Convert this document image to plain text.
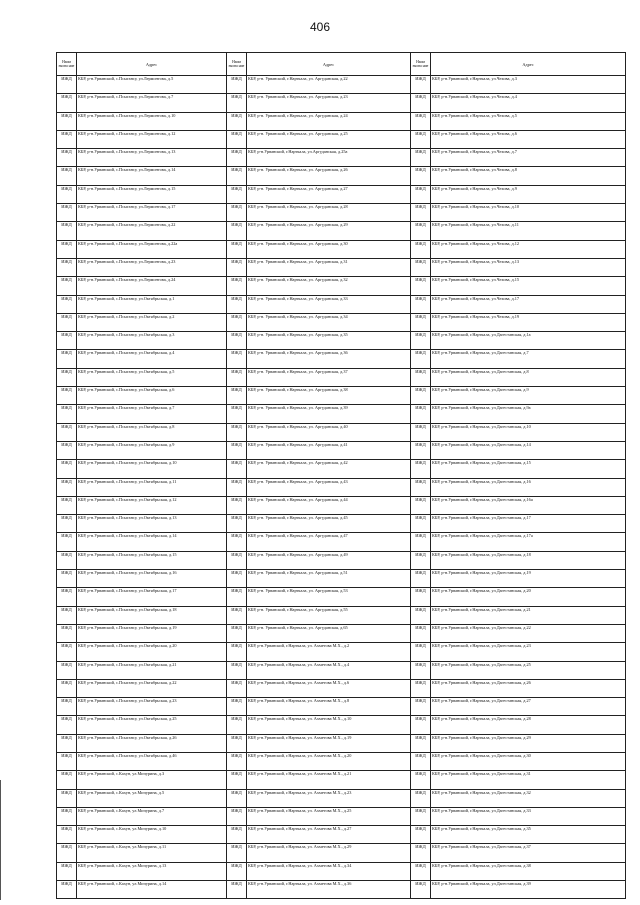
406
Наим енова ние	Адрес	Наим енова ние	Адрес	Наим енова ние	Адрес
ИЖД	КБР, р-н.Урванский, с.Псыгансу, ул.Лермонтова, д.5	ИЖД	КБР, р-н. Урванский, г.Нарткала, ул. Аргуданская, д.22	ИЖД	КБР, р-н.Урванский, г.Нарткала, ул.Чехова, д.3
ИЖД	КБР, р-н.Урванский, с.Псыгансу, ул.Лермонтова, д.7	ИЖД	КБР, р-н. Урванский, г.Нарткала, ул. Аргуданская, д.23	ИЖД	КБР, р-н.Урванский, г.Нарткала, ул.Чехова, д.4
ИЖД	КБР, р-н.Урванский, с.Псыгансу, ул.Лермонтова, д.10	ИЖД	КБР, р-н. Урванский, г.Нарткала, ул. Аргуданская, д.24	ИЖД	КБР, р-н.Урванский, г.Нарткала, ул.Чехова, д.5
ИЖД	КБР, р-н.Урванский, с.Псыгансу, ул.Лермонтова, д.12	ИЖД	КБР, р-н. Урванский, г.Нарткала, ул. Аргуданская, д.25	ИЖД	КБР, р-н.Урванский, г.Нарткала, ул.Чехова, д.6
ИЖД	КБР, р-н.Урванский, с.Псыгансу, ул.Лермонтова, д.13	ИЖД	КБР, р-н.Урванский, г.Нарткала, ул.Аргуданская, д.25а	ИЖД	КБР, р-н.Урванский, г.Нарткала, ул.Чехова, д.7
ИЖД	КБР, р-н.Урванский, с.Псыгансу, ул.Лермонтова, д.14	ИЖД	КБР, р-н. Урванский, г.Нарткала, ул. Аргуданская, д.26	ИЖД	КБР, р-н.Урванский, г.Нарткала, ул.Чехова, д.8
ИЖД	КБР, р-н.Урванский, с.Псыгансу, ул.Лермонтова, д.15	ИЖД	КБР, р-н. Урванский, г.Нарткала, ул. Аргуданская, д.27	ИЖД	КБР, р-н.Урванский, г.Нарткала, ул.Чехова, д.9
ИЖД	КБР, р-н.Урванский, с.Псыгансу, ул.Лермонтова, д.17	ИЖД	КБР, р-н. Урванский, г.Нарткала, ул. Аргуданская, д.28	ИЖД	КБР, р-н.Урванский, г.Нарткала, ул.Чехова, д.10
ИЖД	КБР, р-н.Урванский, с.Псыгансу, ул.Лермонтова, д.22	ИЖД	КБР, р-н. Урванский, г.Нарткала, ул. Аргуданская, д.29	ИЖД	КБР, р-н.Урванский, г.Нарткала, ул.Чехова, д.11
ИЖД	КБР, р-н.Урванский, с.Псыгансу, ул.Лермонтова, д.22а	ИЖД	КБР, р-н. Урванский, г.Нарткала, ул. Аргуданская, д.30	ИЖД	КБР, р-н.Урванский, г.Нарткала, ул.Чехова, д.12
ИЖД	КБР, р-н.Урванский, с.Псыгансу, ул.Лермонтова, д.23	ИЖД	КБР, р-н. Урванский, г.Нарткала, ул. Аргуданская, д.31	ИЖД	КБР, р-н.Урванский, г.Нарткала, ул.Чехова, д.13
ИЖД	КБР, р-н.Урванский, с.Псыгансу, ул.Лермонтова, д.24	ИЖД	КБР, р-н. Урванский, г.Нарткала, ул. Аргуданская, д.32	ИЖД	КБР, р-н.Урванский, г.Нарткала, ул.Чехова, д.15
ИЖД	КБР, р-н.Урванский, с.Псыгансу, ул.Октябрьская, д.1	ИЖД	КБР, р-н. Урванский, г.Нарткала, ул. Аргуданская, д.33	ИЖД	КБР, р-н.Урванский, г.Нарткала, ул.Чехова, д.17
ИЖД	КБР, р-н.Урванский, с.Псыгансу, ул.Октябрьская, д.2	ИЖД	КБР, р-н. Урванский, г.Нарткала, ул. Аргуданская, д.34	ИЖД	КБР, р-н.Урванский, г.Нарткала, ул.Чехова, д.19
ИЖД	КБР, р-н.Урванский, с.Псыгансу, ул.Октябрьская, д.3	ИЖД	КБР, р-н. Урванский, г.Нарткала, ул. Аргуданская, д.35	ИЖД	КБР, р-н.Урванский, г.Нарткала, ул.Дагестанская, д.1а
ИЖД	КБР, р-н.Урванский, с.Псыгансу, ул.Октябрьская, д.4	ИЖД	КБР, р-н. Урванский, г.Нарткала, ул. Аргуданская, д.36	ИЖД	КБР, р-н.Урванский, г.Нарткала, ул.Дагестанская, д.7
ИЖД	КБР, р-н.Урванский, с.Псыгансу, ул.Октябрьская, д.5	ИЖД	КБР, р-н. Урванский, г.Нарткала, ул. Аргуданская, д.37	ИЖД	КБР, р-н.Урванский, г.Нарткала, ул.Дагестанская, д.8
ИЖД	КБР, р-н.Урванский, с.Псыгансу, ул.Октябрьская, д.6	ИЖД	КБР, р-н. Урванский, г.Нарткала, ул. Аргуданская, д.38	ИЖД	КБР, р-н.Урванский, г.Нарткала, ул.Дагестанская, д.9
ИЖД	КБР, р-н.Урванский, с.Псыгансу, ул.Октябрьская, д.7	ИЖД	КБР, р-н. Урванский, г.Нарткала, ул. Аргуданская, д.39	ИЖД	КБР, р-н.Урванский, г.Нарткала, ул.Дагестанская, д.9а
ИЖД	КБР, р-н.Урванский, с.Псыгансу, ул.Октябрьская, д.8	ИЖД	КБР, р-н. Урванский, г.Нарткала, ул. Аргуданская, д.40	ИЖД	КБР, р-н.Урванский, г.Нарткала, ул.Дагестанская, д.10
ИЖД	КБР, р-н.Урванский, с.Псыгансу, ул.Октябрьская, д.9	ИЖД	КБР, р-н. Урванский, г.Нарткала, ул. Аргуданская, д.41	ИЖД	КБР, р-н.Урванский, г.Нарткала, ул.Дагестанская, д.14
ИЖД	КБР, р-н.Урванский, с.Псыгансу, ул.Октябрьская, д.10	ИЖД	КБР, р-н. Урванский, г.Нарткала, ул. Аргуданская, д.42	ИЖД	КБР, р-н.Урванский, г.Нарткала, ул.Дагестанская, д.15
ИЖД	КБР, р-н.Урванский, с.Псыгансу, ул.Октябрьская, д.11	ИЖД	КБР, р-н. Урванский, г.Нарткала, ул. Аргуданская, д.43	ИЖД	КБР, р-н.Урванский, г.Нарткала, ул.Дагестанская, д.16
ИЖД	КБР, р-н.Урванский, с.Псыгансу, ул.Октябрьская, д.12	ИЖД	КБР, р-н. Урванский, г.Нарткала, ул. Аргуданская, д.44	ИЖД	КБР, р-н.Урванский, г.Нарткала, ул.Дагестанская, д.16а
ИЖД	КБР, р-н.Урванский, с.Псыгансу, ул.Октябрьская, д.13	ИЖД	КБР, р-н. Урванский, г.Нарткала, ул. Аргуданская, д.45	ИЖД	КБР, р-н.Урванский, г.Нарткала, ул.Дагестанская, д.17
ИЖД	КБР, р-н.Урванский, с.Псыгансу, ул.Октябрьская, д.14	ИЖД	КБР, р-н. Урванский, г.Нарткала, ул. Аргуданская, д.47	ИЖД	КБР, р-н.Урванский, г.Нарткала, ул.Дагестанская, д.17а
ИЖД	КБР, р-н.Урванский, с.Псыгансу, ул.Октябрьская, д.15	ИЖД	КБР, р-н. Урванский, г.Нарткала, ул. Аргуданская, д.49	ИЖД	КБР, р-н.Урванский, г.Нарткала, ул.Дагестанская, д.18
ИЖД	КБР, р-н.Урванский, с.Псыгансу, ул.Октябрьская, д.16	ИЖД	КБР, р-н. Урванский, г.Нарткала, ул. Аргуданская, д.51	ИЖД	КБР, р-н.Урванский, г.Нарткала, ул.Дагестанская, д.19
ИЖД	КБР, р-н.Урванский, с.Псыгансу, ул.Октябрьская, д.17	ИЖД	КБР, р-н. Урванский, г.Нарткала, ул. Аргуданская, д.53	ИЖД	КБР, р-н.Урванский, г.Нарткала, ул.Дагестанская, д.20
ИЖД	КБР, р-н.Урванский, с.Псыгансу, ул.Октябрьская, д.18	ИЖД	КБР, р-н. Урванский, г.Нарткала, ул. Аргуданская, д.55	ИЖД	КБР, р-н.Урванский, г.Нарткала, ул.Дагестанская, д.21
ИЖД	КБР, р-н.Урванский, с.Псыгансу, ул.Октябрьская, д.19	ИЖД	КБР, р-н. Урванский, г.Нарткала, ул. Аргуданская, д.65	ИЖД	КБР, р-н.Урванский, г.Нарткала, ул.Дагестанская, д.22
ИЖД	КБР, р-н.Урванский, с.Псыгансу, ул.Октябрьская, д.20	ИЖД	КБР, р-н.Урванский, г.Нарткала, ул. Ахметова М.Х., д.2	ИЖД	КБР, р-н.Урванский, г.Нарткала, ул.Дагестанская, д.23
ИЖД	КБР, р-н.Урванский, с.Псыгансу, ул.Октябрьская, д.21	ИЖД	КБР, р-н.Урванский, г.Нарткала, ул. Ахметова М.Х., д.4	ИЖД	КБР, р-н.Урванский, г.Нарткала, ул.Дагестанская, д.25
ИЖД	КБР, р-н.Урванский, с.Псыгансу, ул.Октябрьская, д.22	ИЖД	КБР, р-н.Урванский, г.Нарткала, ул. Ахметова М.Х., д.6	ИЖД	КБР, р-н.Урванский, г.Нарткала, ул.Дагестанская, д.26
ИЖД	КБР, р-н.Урванский, с.Псыгансу, ул.Октябрьская, д.23	ИЖД	КБР, р-н.Урванский, г.Нарткала, ул. Ахметова М.Х., д.8	ИЖД	КБР, р-н.Урванский, г.Нарткала, ул.Дагестанская, д.27
ИЖД	КБР, р-н.Урванский, с.Псыгансу, ул.Октябрьская, д.25	ИЖД	КБР, р-н.Урванский, г.Нарткала, ул. Ахметова М.Х., д.10	ИЖД	КБР, р-н.Урванский, г.Нарткала, ул.Дагестанская, д.28
ИЖД	КБР, р-н.Урванский, с.Псыгансу, ул.Октябрьская, д.26	ИЖД	КБР, р-н.Урванский, г.Нарткала, ул. Ахметова М.Х., д.19	ИЖД	КБР, р-н.Урванский, г.Нарткала, ул.Дагестанская, д.29
ИЖД	КБР, р-н.Урванский, с.Псыгансу, ул.Октябрьская, д.46	ИЖД	КБР, р-н.Урванский, г.Нарткала, ул. Ахметова М.Х., д.20	ИЖД	КБР, р-н.Урванский, г.Нарткала, ул.Дагестанская, д.30
ИЖД	КБР, р-н.Урванский, с.Кахун, ул.Мичурина, д.3	ИЖД	КБР, р-н.Урванский, г.Нарткала, ул. Ахметова М.Х., д.21	ИЖД	КБР, р-н.Урванский, г.Нарткала, ул.Дагестанская, д.31
ИЖД	КБР, р-н.Урванский, с.Кахун, ул.Мичурина, д.5	ИЖД	КБР, р-н.Урванский, г.Нарткала, ул. Ахметова М.Х., д.23	ИЖД	КБР, р-н.Урванский, г.Нарткала, ул.Дагестанская, д.32
ИЖД	КБР, р-н.Урванский, с.Кахун, ул.Мичурина, д.7	ИЖД	КБР, р-н.Урванский, г.Нарткала, ул. Ахметова М.Х., д.25	ИЖД	КБР, р-н.Урванский, г.Нарткала, ул.Дагестанская, д.33
ИЖД	КБР, р-н.Урванский, с.Кахун, ул.Мичурина, д.10	ИЖД	КБР, р-н.Урванский, г.Нарткала, ул. Ахметова М.Х., д.27	ИЖД	КБР, р-н.Урванский, г.Нарткала, ул.Дагестанская, д.35
ИЖД	КБР, р-н.Урванский, с.Кахун, ул.Мичурина, д.11	ИЖД	КБР, р-н.Урванский, г.Нарткала, ул. Ахметова М.Х., д.29	ИЖД	КБР, р-н.Урванский, г.Нарткала, ул.Дагестанская, д.37
ИЖД	КБР, р-н.Урванский, с.Кахун, ул.Мичурина, д.13	ИЖД	КБР, р-н.Урванский, г.Нарткала, ул. Ахметова М.Х., д.34	ИЖД	КБР, р-н.Урванский, г.Нарткала, ул.Дагестанская, д.38
ИЖД	КБР, р-н.Урванский, с.Кахун, ул.Мичурина, д.14	ИЖД	КБР, р-н.Урванский, г.Нарткала, ул. Ахметова М.Х., д.36	ИЖД	КБР, р-н.Урванский, г.Нарткала, ул.Дагестанская, д.39
